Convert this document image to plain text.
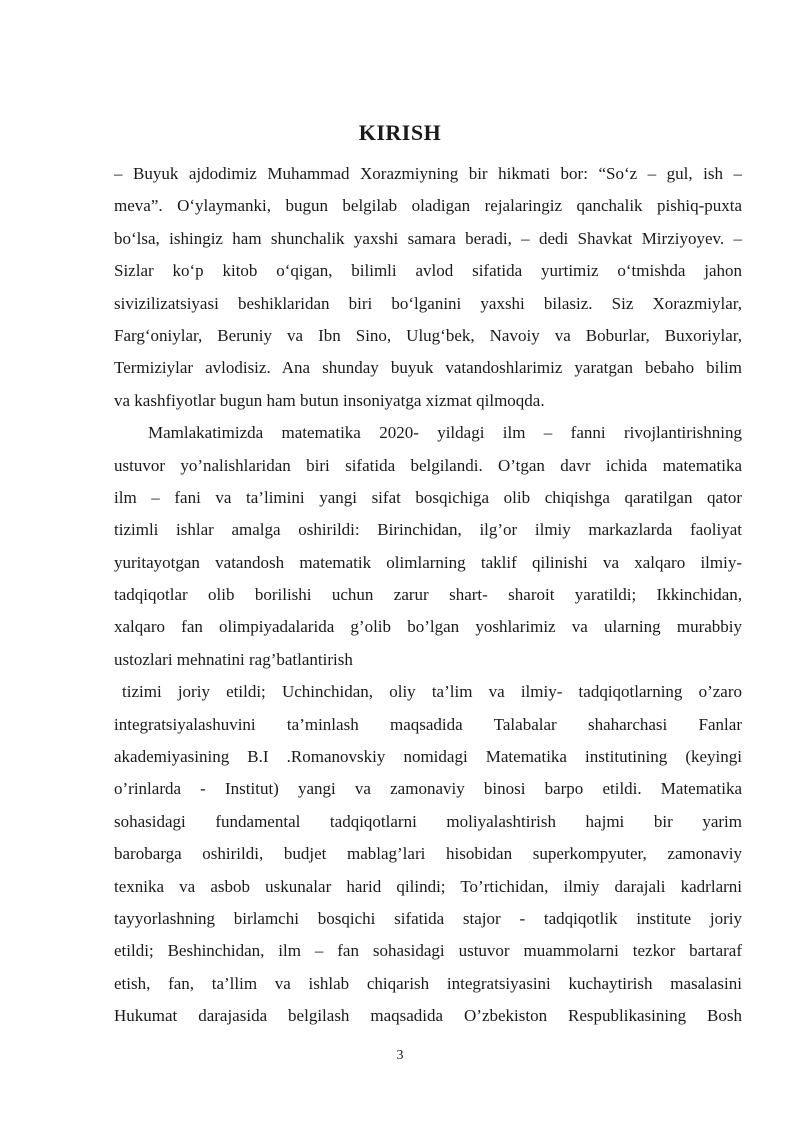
KIRISH
– Buyuk ajdodimiz Muhammad Xorazmiyning bir hikmati bor: “So‘z – gul, ish –
meva”. O‘ylaymanki, bugun belgilab oladigan rejalaringiz qanchalik pishiq-puxta
bo‘lsa, ishingiz ham shunchalik yaxshi samara beradi, – dedi Shavkat Mirziyoyev. –
Sizlar ko‘p kitob o‘qigan, bilimli avlod sifatida yurtimiz o‘tmishda jahon
sivizilizatsiyasi beshiklaridan biri bo‘lganini yaxshi bilasiz. Siz Xorazmiylar,
Farg‘oniylar, Beruniy va Ibn Sino, Ulug‘bek, Navoiy va Boburlar, Buxoriylar,
Termiziylar avlodisiz. Ana shunday buyuk vatandoshlarimiz yaratgan bebaho bilim
va kashfiyotlar bugun ham butun insoniyatga xizmat qilmoqda.
Mamlakatimizda matematika 2020- yildagi ilm – fanni rivojlantirishning
ustuvor yo’nalishlaridan biri sifatida belgilandi. O’tgan davr ichida matematika
ilm – fani va ta’limini yangi sifat bosqichiga olib chiqishga qaratilgan qator
tizimli ishlar amalga oshirildi: Birinchidan, ilg’or ilmiy markazlarda faoliyat
yuritayotgan vatandosh matematik olimlarning taklif qilinishi va xalqaro ilmiy-
tadqiqotlar olib borilishi uchun zarur shart- sharoit yaratildi; Ikkinchidan,
xalqaro fan olimpiyadalarida g’olib bo’lgan yoshlarimiz va ularning murabbiy
ustozlari mehnatini rag’batlantirish
tizimi joriy etildi; Uchinchidan, oliy ta’lim va ilmiy- tadqiqotlarning o’zaro
integratsiyalashuvini ta’minlash maqsadida Talabalar shaharchasi Fanlar
akademiyasining B.I .Romanovskiy nomidagi Matematika institutining (keyingi
o’rinlarda - Institut) yangi va zamonaviy binosi barpo etildi. Matematika
sohasidagi fundamental tadqiqotlarni moliyalashtirish hajmi bir yarim
barobarga oshirildi, budjet mablag’lari hisobidan superkompyuter, zamonaviy
texnika va asbob uskunalar harid qilindi; To’rtichidan, ilmiy darajali kadrlarni
tayyorlashning birlamchi bosqichi sifatida stajor - tadqiqotlik institute joriy
etildi; Beshinchidan, ilm – fan sohasidagi ustuvor muammolarni tezkor bartaraf
etish, fan, ta’llim va ishlab chiqarish integratsiyasini kuchaytirish masalasini
Hukumat darajasida belgilash maqsadida O’zbekiston Respublikasining Bosh
3
